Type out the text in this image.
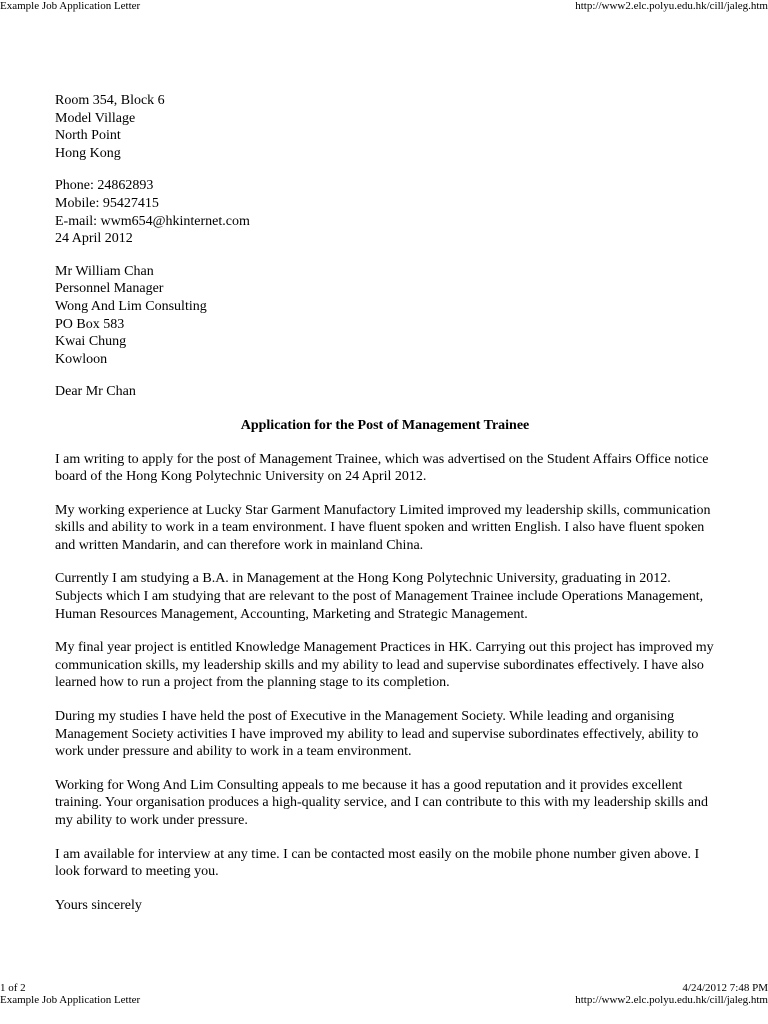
Example Job Application Letter	http://www2.elc.polyu.edu.hk/cill/jaleg.htm
Room 354, Block 6
Model Village
North Point
Hong Kong
Phone: 24862893
Mobile: 95427415
E-mail: wwm654@hkinternet.com
24 April 2012
Mr William Chan
Personnel Manager
Wong And Lim Consulting
PO Box 583
Kwai Chung
Kowloon
Dear Mr Chan
Application for the Post of Management Trainee

I am writing to apply for the post of Management Trainee, which was advertised on the Student Affairs Office notice board of the Hong Kong Polytechnic University on 24 April 2012.

My working experience at Lucky Star Garment Manufactory Limited improved my leadership skills, communication skills and ability to work in a team environment. I have fluent spoken and written English. I also have fluent spoken and written Mandarin, and can therefore work in mainland China.

Currently I am studying a B.A. in Management at the Hong Kong Polytechnic University, graduating in 2012. Subjects which I am studying that are relevant to the post of Management Trainee include Operations Management, Human Resources Management, Accounting, Marketing and Strategic Management.

My final year project is entitled Knowledge Management Practices in HK. Carrying out this project has improved my communication skills, my leadership skills and my ability to lead and supervise subordinates effectively. I have also learned how to run a project from the planning stage to its completion.

During my studies I have held the post of Executive in the Management Society. While leading and organising Management Society activities I have improved my ability to lead and supervise subordinates effectively, ability to work under pressure and ability to work in a team environment.

Working for Wong And Lim Consulting appeals to me because it has a good reputation and it provides excellent training. Your organisation produces a high-quality service, and I can contribute to this with my leadership skills and my ability to work under pressure.

I am available for interview at any time. I can be contacted most easily on the mobile phone number given above. I look forward to meeting you.

Yours sincerely
1 of 2	4/24/2012 7:48 PM
Example Job Application Letter	http://www2.elc.polyu.edu.hk/cill/jaleg.htm
